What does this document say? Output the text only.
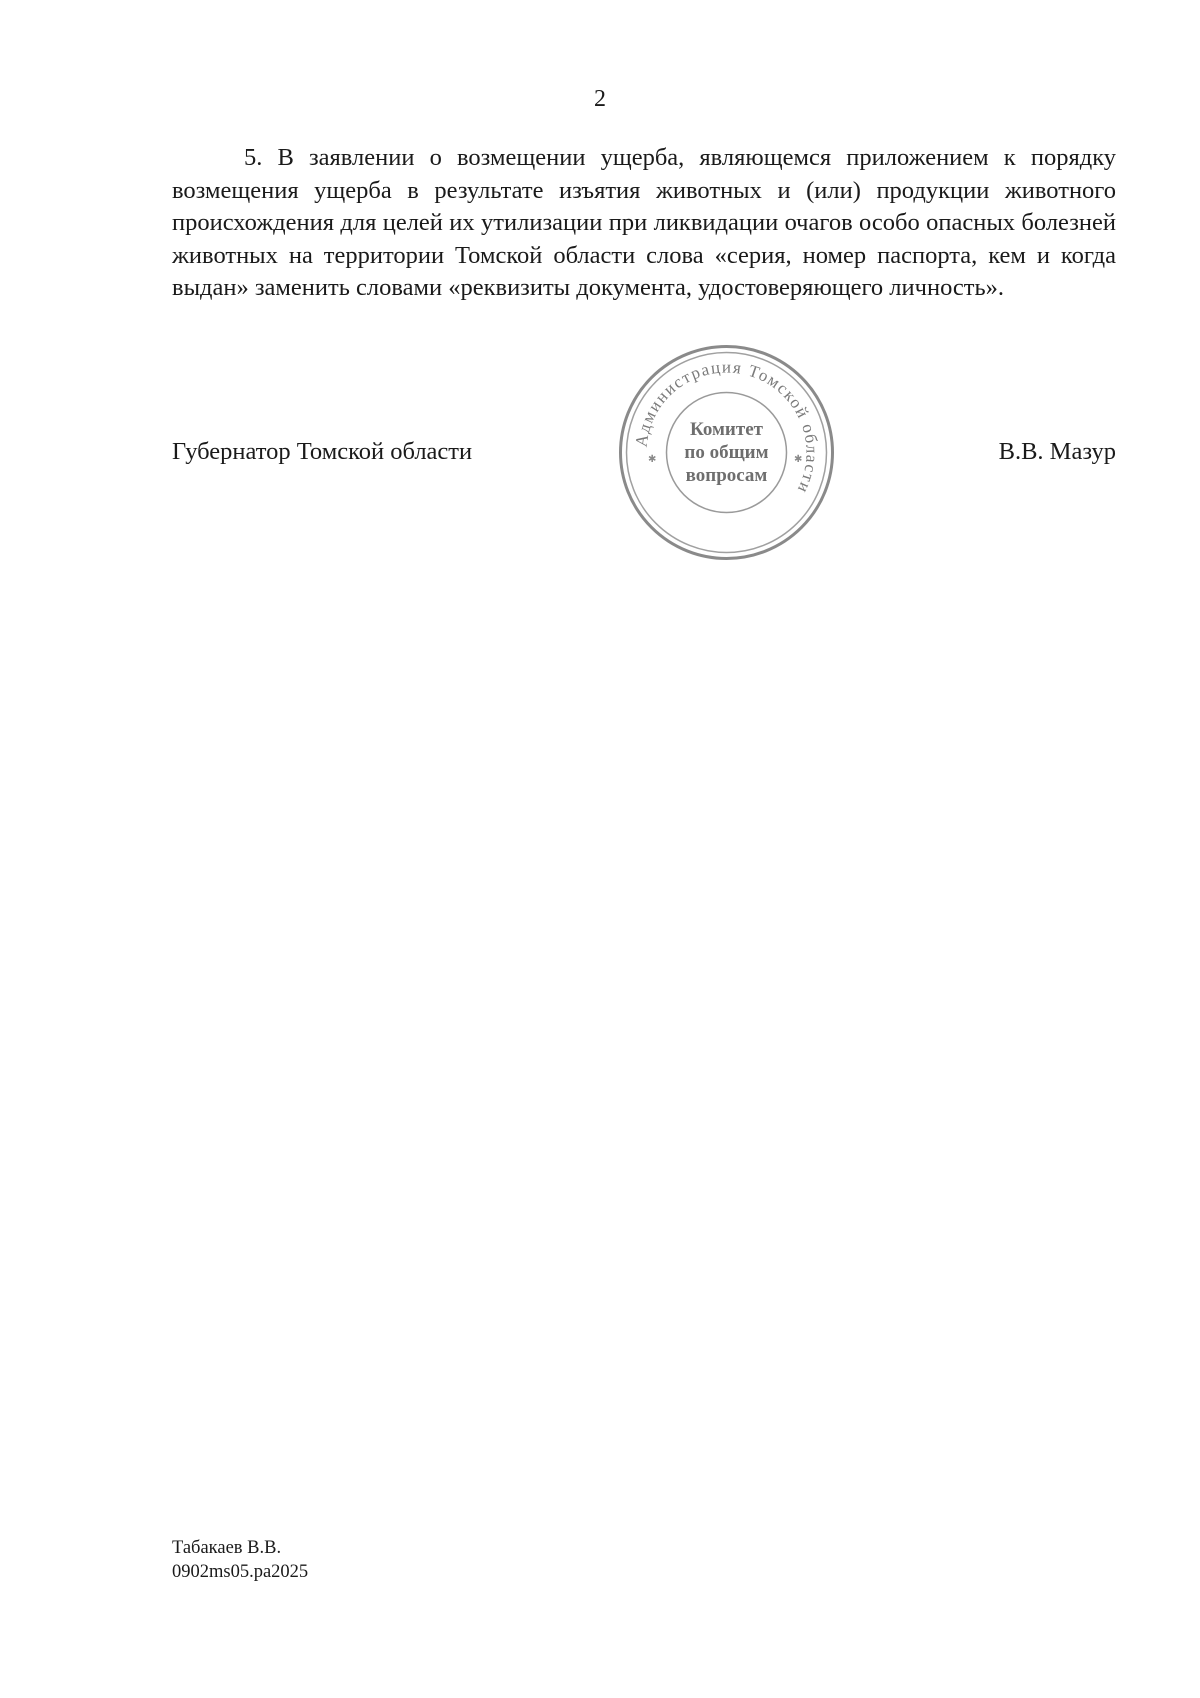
2

5. В заявлении о возмещении ущерба, являющемся приложением к порядку возмещения ущерба в результате изъятия животных и (или) продукции животного происхождения для целей их утилизации при ликвидации очагов особо опасных болезней животных на территории Томской области слова «серия, номер паспорта, кем и когда выдан» заменить словами «реквизиты документа, удостоверяющего личность».

Губернатор Томской области	Администрация Томской области
✱	✱
Комитет
по общим
вопросам
В.В. Мазур
Табакаев В.В.
0902ms05.pa2025
